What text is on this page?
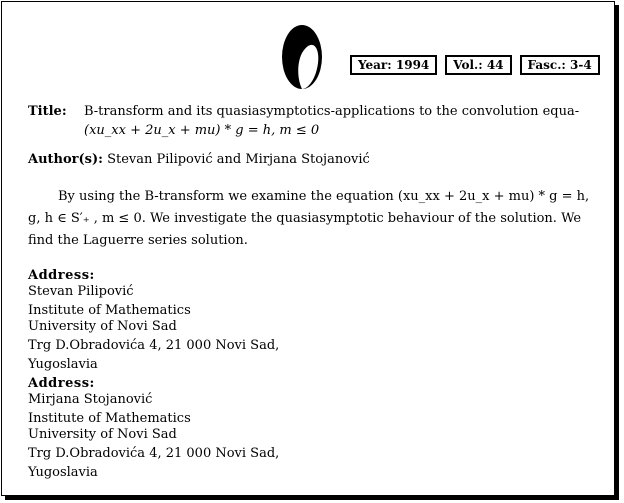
Year: 1994	Vol.: 44	Fasc.: 3-4
Title: B-transform and its quasiasymptotics-applications to the convolution equa-
(xu_xx + 2u_x + mu) * g = h, m ≤ 0
Author(s): Stevan Pilipović and Mirjana Stojanović
By using the B-transform we examine the equation (xu_xx + 2u_x + mu) * g = h,
g, h ∈ S′₊ , m ≤ 0. We investigate the quasiasymptotic behaviour of the solution. We
find the Laguerre series solution.
Address:
Stevan Pilipović
Institute of Mathematics
University of Novi Sad
Trg D.Obradovića 4, 21 000 Novi Sad,
Yugoslavia
Address:
Mirjana Stojanović
Institute of Mathematics
University of Novi Sad
Trg D.Obradovića 4, 21 000 Novi Sad,
Yugoslavia
